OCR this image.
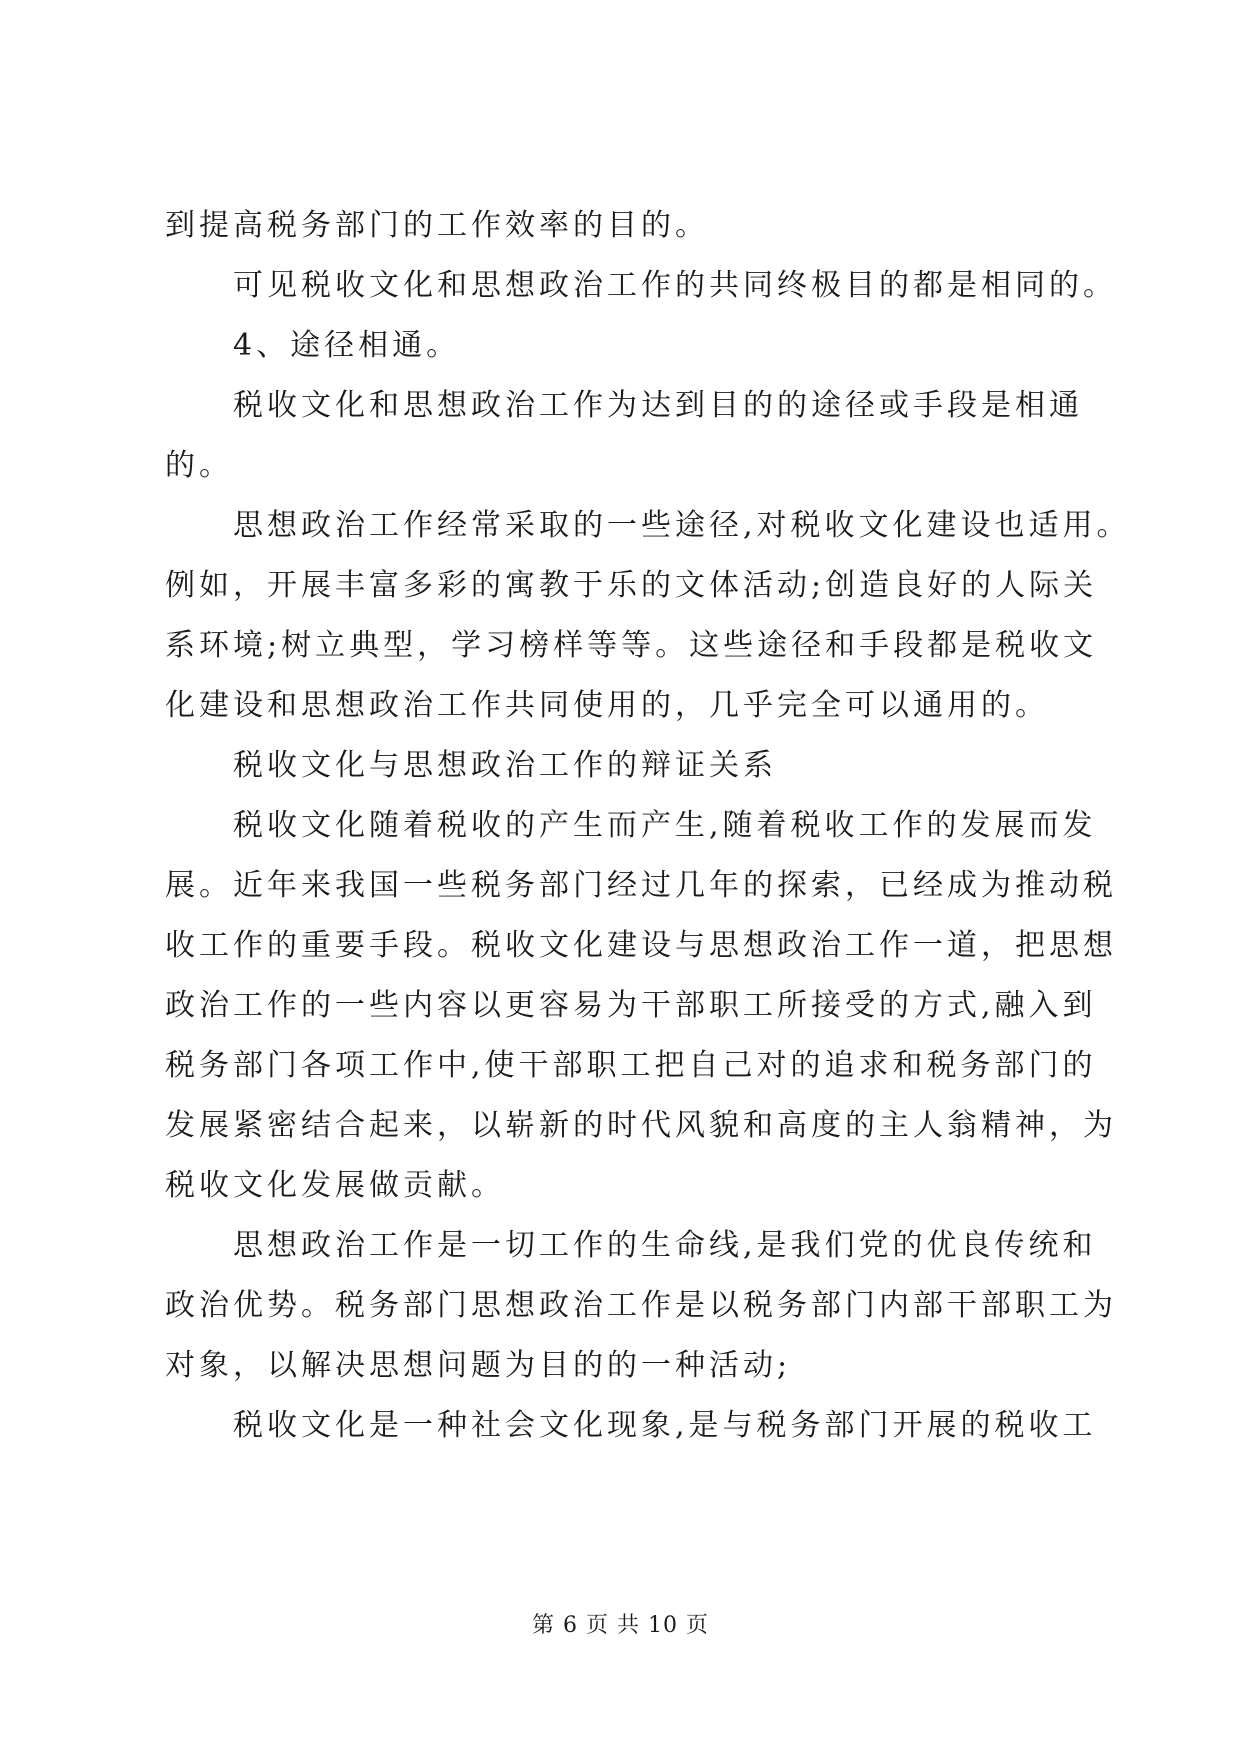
到提高税务部门的工作效率的目的。
可见税收文化和思想政治工作的共同终极目的都是相同的。
4、途径相通。
税收文化和思想政治工作为达到目的的途径或手段是相通
的。
思想政治工作经常采取的一些途径,对税收文化建设也适用。
例如，开展丰富多彩的寓教于乐的文体活动;创造良好的人际关
系环境;树立典型，学习榜样等等。这些途径和手段都是税收文
化建设和思想政治工作共同使用的，几乎完全可以通用的。
税收文化与思想政治工作的辩证关系
税收文化随着税收的产生而产生,随着税收工作的发展而发
展。近年来我国一些税务部门经过几年的探索，已经成为推动税
收工作的重要手段。税收文化建设与思想政治工作一道，把思想
政治工作的一些内容以更容易为干部职工所接受的方式,融入到
税务部门各项工作中,使干部职工把自己对的追求和税务部门的
发展紧密结合起来，以崭新的时代风貌和高度的主人翁精神，为
税收文化发展做贡献。
思想政治工作是一切工作的生命线,是我们党的优良传统和
政治优势。税务部门思想政治工作是以税务部门内部干部职工为
对象，以解决思想问题为目的的一种活动;
税收文化是一种社会文化现象,是与税务部门开展的税收工
第 6 页 共 10 页
